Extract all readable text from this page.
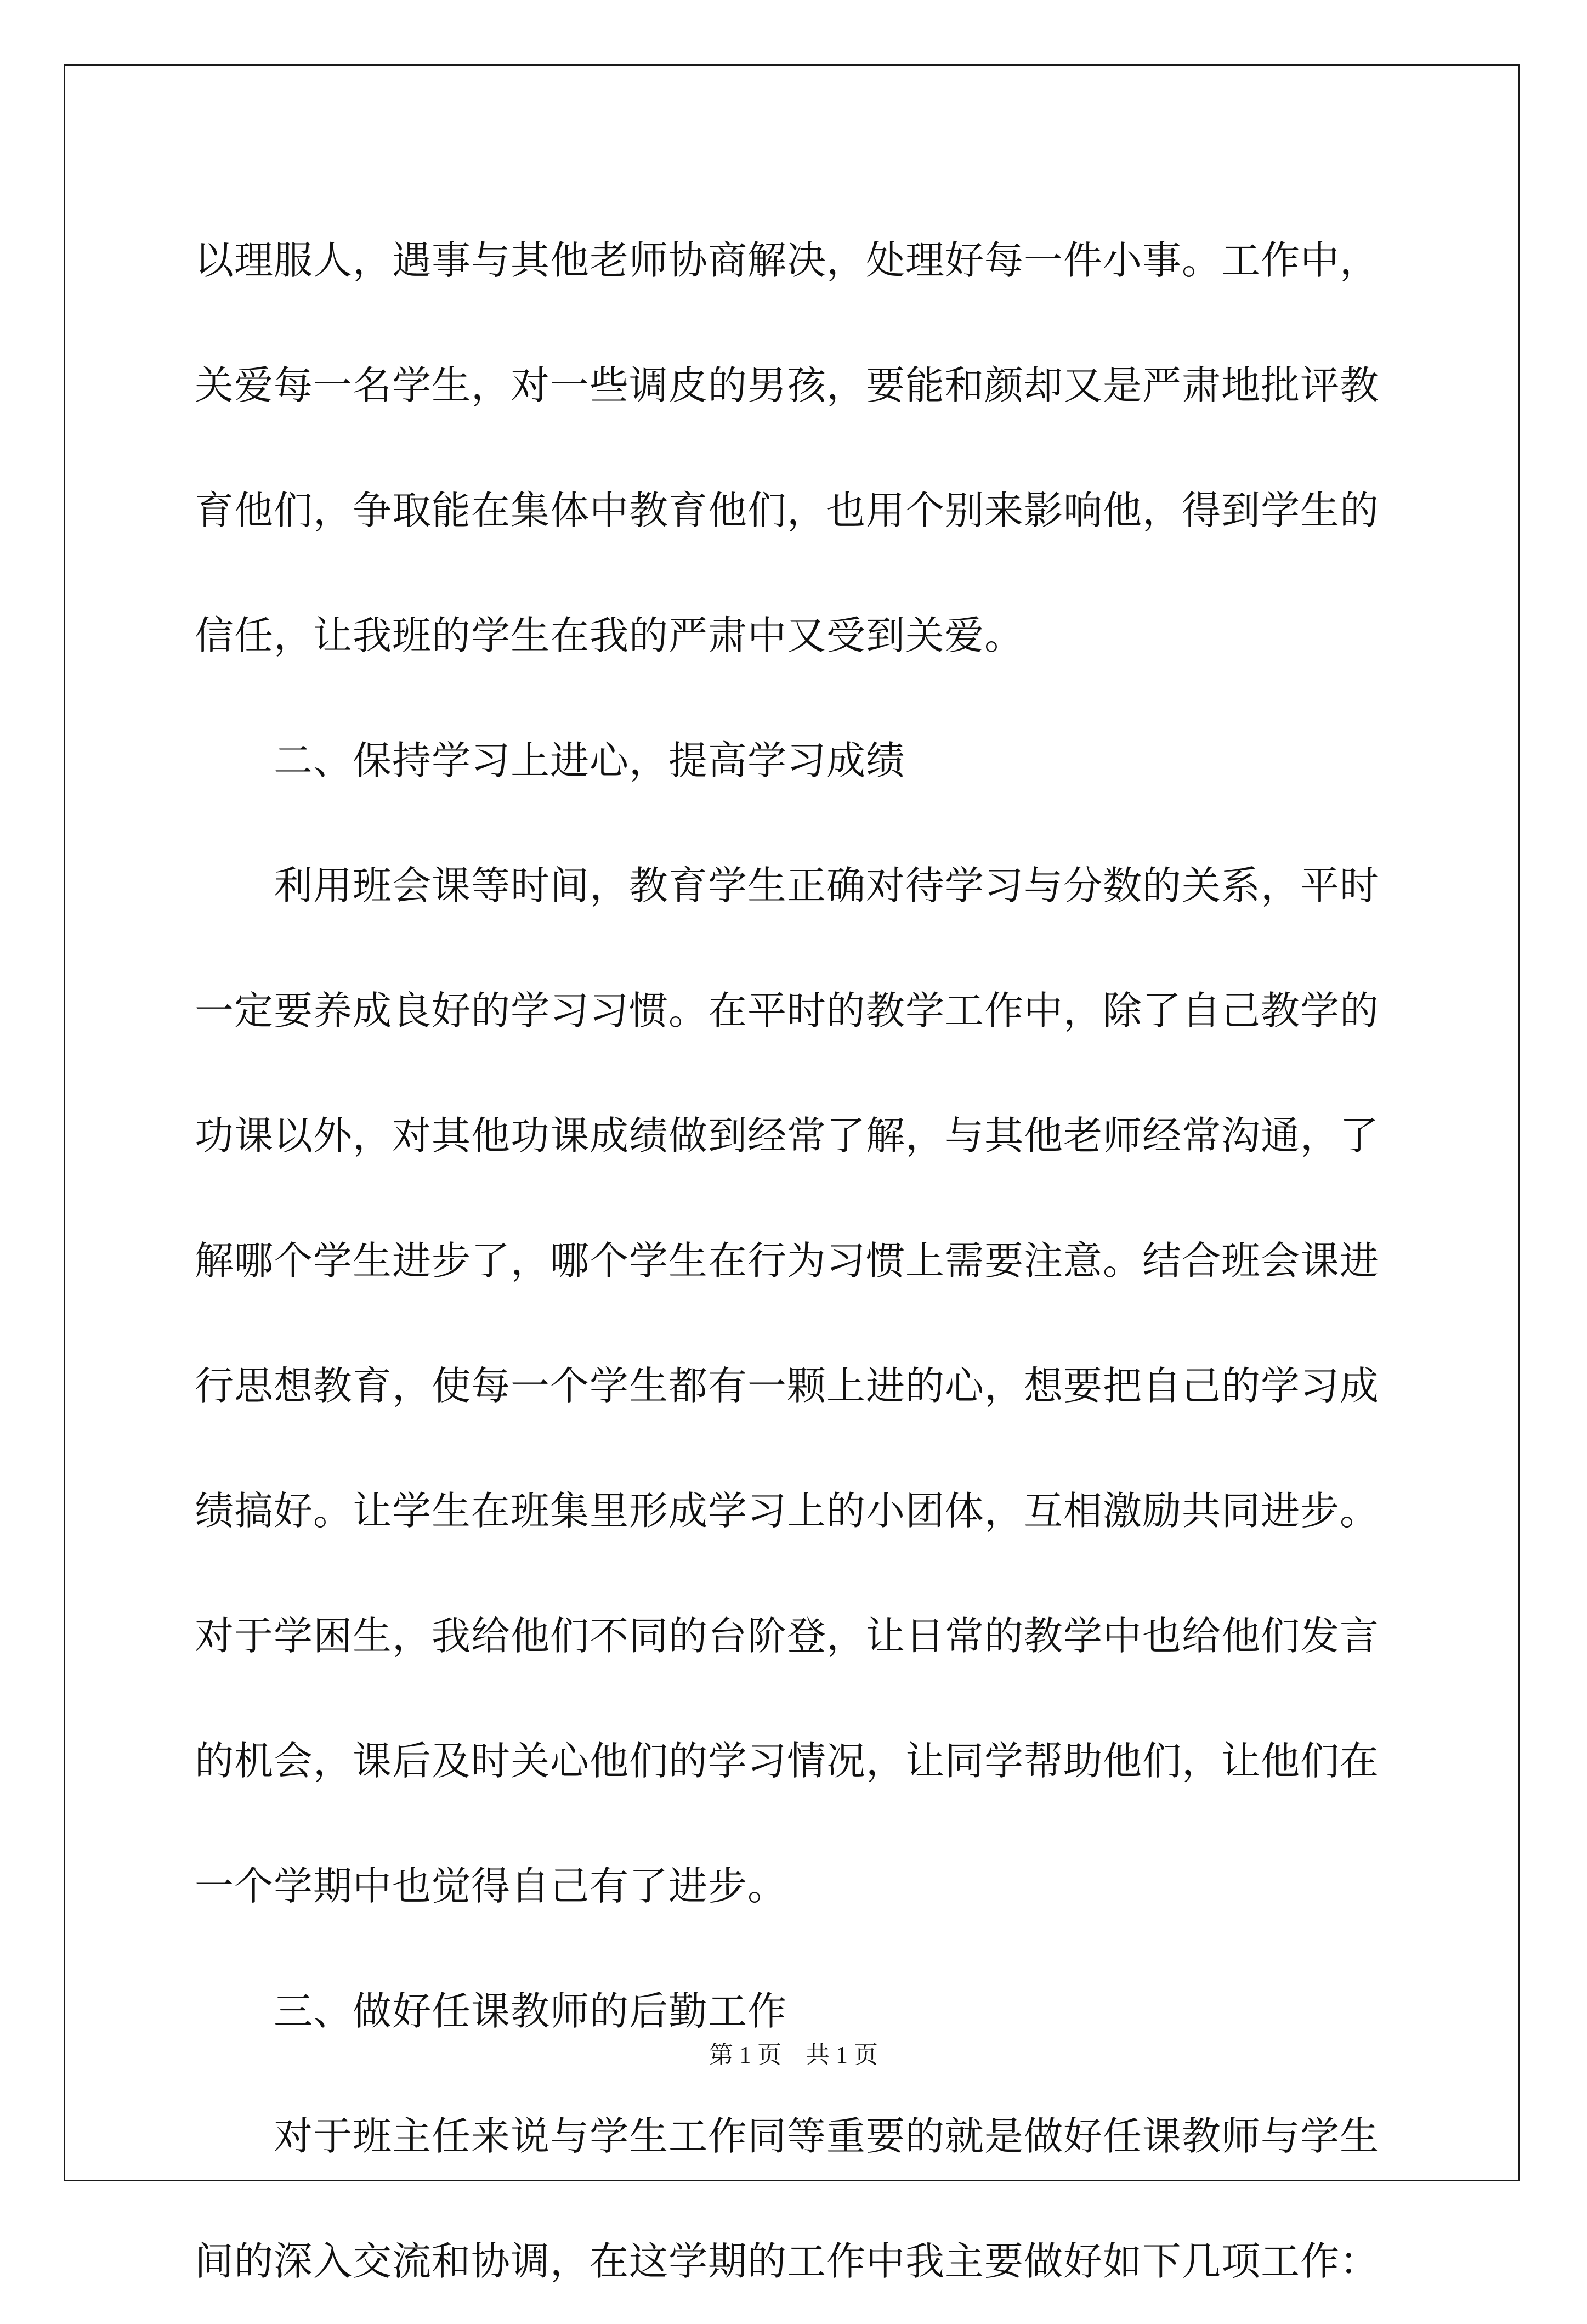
以理服人，遇事与其他老师协商解决，处理好每一件小事。工作中，
关爱每一名学生，对一些调皮的男孩，要能和颜却又是严肃地批评教
育他们，争取能在集体中教育他们，也用个别来影响他，得到学生的
信任，让我班的学生在我的严肃中又受到关爱。

二、保持学习上进心，提高学习成绩

利用班会课等时间，教育学生正确对待学习与分数的关系，平时
一定要养成良好的学习习惯。在平时的教学工作中，除了自己教学的
功课以外，对其他功课成绩做到经常了解，与其他老师经常沟通，了
解哪个学生进步了，哪个学生在行为习惯上需要注意。结合班会课进
行思想教育，使每一个学生都有一颗上进的心，想要把自己的学习成
绩搞好。让学生在班集里形成学习上的小团体，互相激励共同进步。
对于学困生，我给他们不同的台阶登，让日常的教学中也给他们发言
的机会，课后及时关心他们的学习情况，让同学帮助他们，让他们在
一个学期中也觉得自己有了进步。

三、做好任课教师的后勤工作

对于班主任来说与学生工作同等重要的就是做好任课教师与学生
间的深入交流和协调，在这学期的工作中我主要做好如下几项工作：

第 1 页    共 1 页
